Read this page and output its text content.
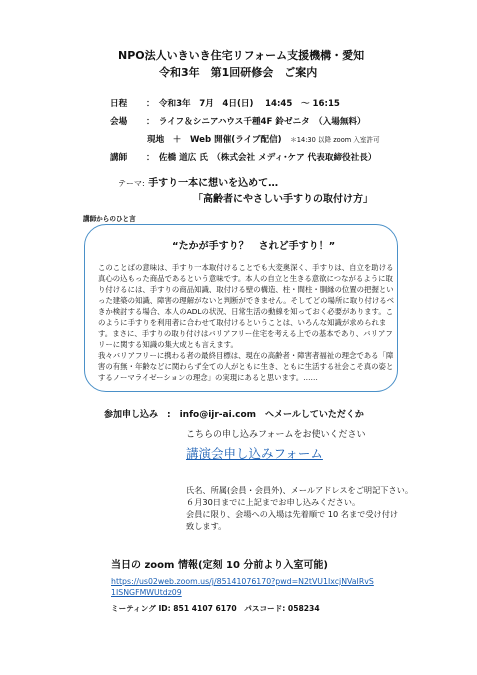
NPO法人いきいき住宅リフォーム支援機構・愛知
令和3年　第1回研修会　ご案内
日程 ：　令和3年　7月　4日(日)　 14:45　～ 16:15
会場 ：　ライフ＆シニアハウス千種4F 鈴ゼニタ　（入場無料）
現地　＋　Web 開催(ライブ配信)　 ＊14:30 以降 zoom 入室許可
講師 ：　佐橋 道広 氏　（株式会社 メディ･ケア 代表取締役社長）
テーマ: 手すり一本に想いを込めて…
「高齢者にやさしい手すりの取付け方」
講師からのひと言
“たかが手すり？　されど手すり！”

このことばの意味は、手すり一本取付けることでも大変奥深く、手すりは、自立を助ける真心の込もった商品であるという意味です。本人の自立と生きる意欲につながるように取り付けるには、手すりの商品知識、取付ける壁の構造、柱・間柱・胴縁の位置の把握といった建築の知識、障害の理解がないと判断ができません。そしてどの場所に取り付けるべきか検討する場合、本人のADLの状況、日常生活の動線を知っておく必要があります。このように手すりを利用者に合わせて取付けるということは、いろんな知識が求められます。まさに、手すりの取り付けはバリアフリー住宅を考える上での基本であり、バリアフリーに関する知識の集大成とも言えます。

我々バリアフリーに携わる者の最終目標は、現在の高齢者・障害者福祉の理念である「障害の有無・年齢などに関わらず全ての人がともに生き、ともに生活する社会こそ真の姿とするノーマライゼーションの理念」の実現にあると思います。……

参加申し込み　:　info@ijr-ai.com　へメールしていただくか
こちらの申し込みフォームをお使いください
講演会申し込みフォーム
氏名、所属(会員・会員外)、メールアドレスをご明記下さい。
６月30日までに上記までお申し込みください。
会員に限り、会場への入場は先着順で 10 名まで受け付け
致します。
当日の zoom 情報(定刻 10 分前より入室可能)
https://us02web.zoom.us/j/85141076170?pwd=N2tVU1IxcjNVaIRvS
1ISNGFMWUtdz09
ミーティング ID: 851 4107 6170　パスコード: 058234
